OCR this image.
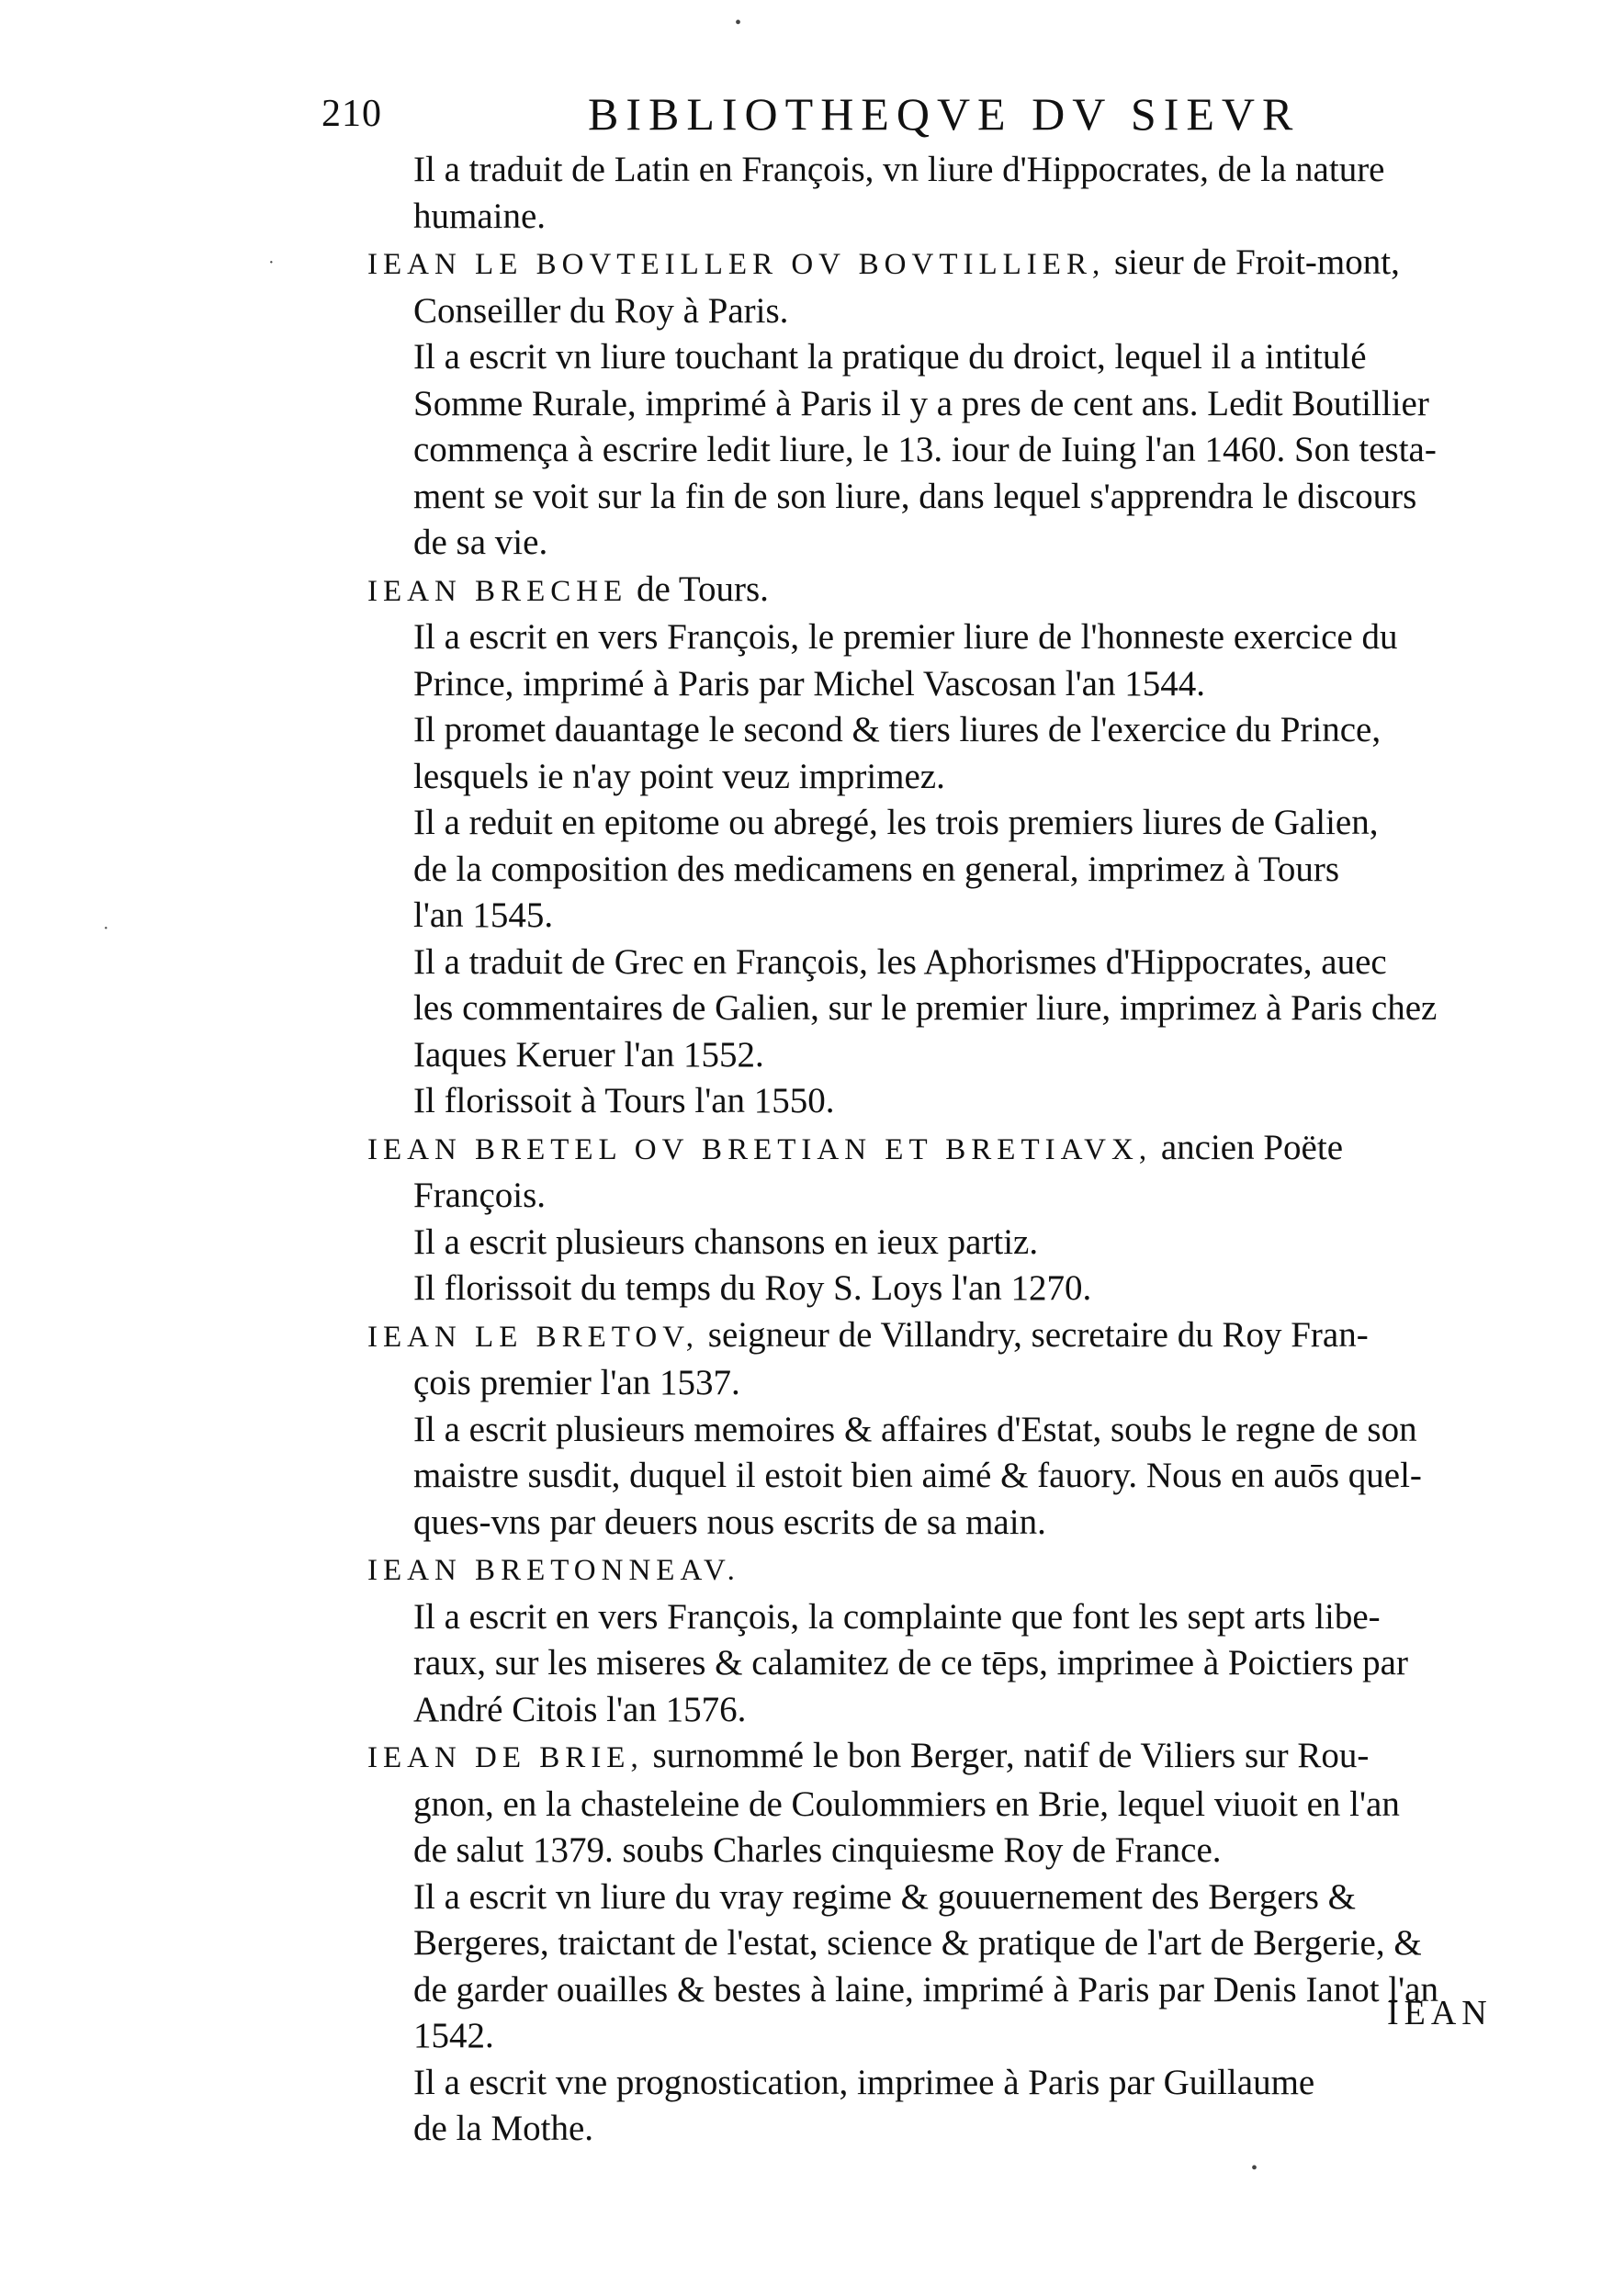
210	BIBLIOTHEQVE DV SIEVR
Il a traduit de Latin en François, vn liure d'Hippocrates, de la nature
humaine.
IEAN LE BOVTEILLER OV BOVTILLIER, sieur de Froit-mont,
Conseiller du Roy à Paris.
Il a escrit vn liure touchant la pratique du droict, lequel il a intitulé
Somme Rurale, imprimé à Paris il y a pres de cent ans. Ledit Boutillier
commença à escrire ledit liure, le 13. iour de Iuing l'an 1460. Son testa-
ment se voit sur la fin de son liure, dans lequel s'apprendra le discours
de sa vie.
IEAN BRECHE de Tours.
Il a escrit en vers François, le premier liure de l'honneste exercice du
Prince, imprimé à Paris par Michel Vascosan l'an 1544.
Il promet dauantage le second & tiers liures de l'exercice du Prince,
lesquels ie n'ay point veuz imprimez.
Il a reduit en epitome ou abregé, les trois premiers liures de Galien,
de la composition des medicamens en general, imprimez à Tours
l'an 1545.
Il a traduit de Grec en François, les Aphorismes d'Hippocrates, auec
les commentaires de Galien, sur le premier liure, imprimez à Paris chez
Iaques Keruer l'an 1552.
Il florissoit à Tours l'an 1550.
IEAN BRETEL OV BRETIAN ET BRETIAVX, ancien Poëte
François.
Il a escrit plusieurs chansons en ieux partiz.
Il florissoit du temps du Roy S. Loys l'an 1270.
IEAN LE BRETOV, seigneur de Villandry, secretaire du Roy Fran-
çois premier l'an 1537.
Il a escrit plusieurs memoires & affaires d'Estat, soubs le regne de son
maistre susdit, duquel il estoit bien aimé & fauory. Nous en auōs quel-
ques-vns par deuers nous escrits de sa main.
IEAN BRETONNEAV.
Il a escrit en vers François, la complainte que font les sept arts libe-
raux, sur les miseres & calamitez de ce tēps, imprimee à Poictiers par
André Citois l'an 1576.
IEAN DE BRIE, surnommé le bon Berger, natif de Viliers sur Rou-
gnon, en la chasteleine de Coulommiers en Brie, lequel viuoit en l'an
de salut 1379. soubs Charles cinquiesme Roy de France.
Il a escrit vn liure du vray regime & gouuernement des Bergers &
Bergeres, traictant de l'estat, science & pratique de l'art de Bergerie, &
de garder ouailles & bestes à laine, imprimé à Paris par Denis Ianot l'an
1542.
Il a escrit vne prognostication, imprimee à Paris par Guillaume
de la Mothe.
IEAN
•
·
·
•
